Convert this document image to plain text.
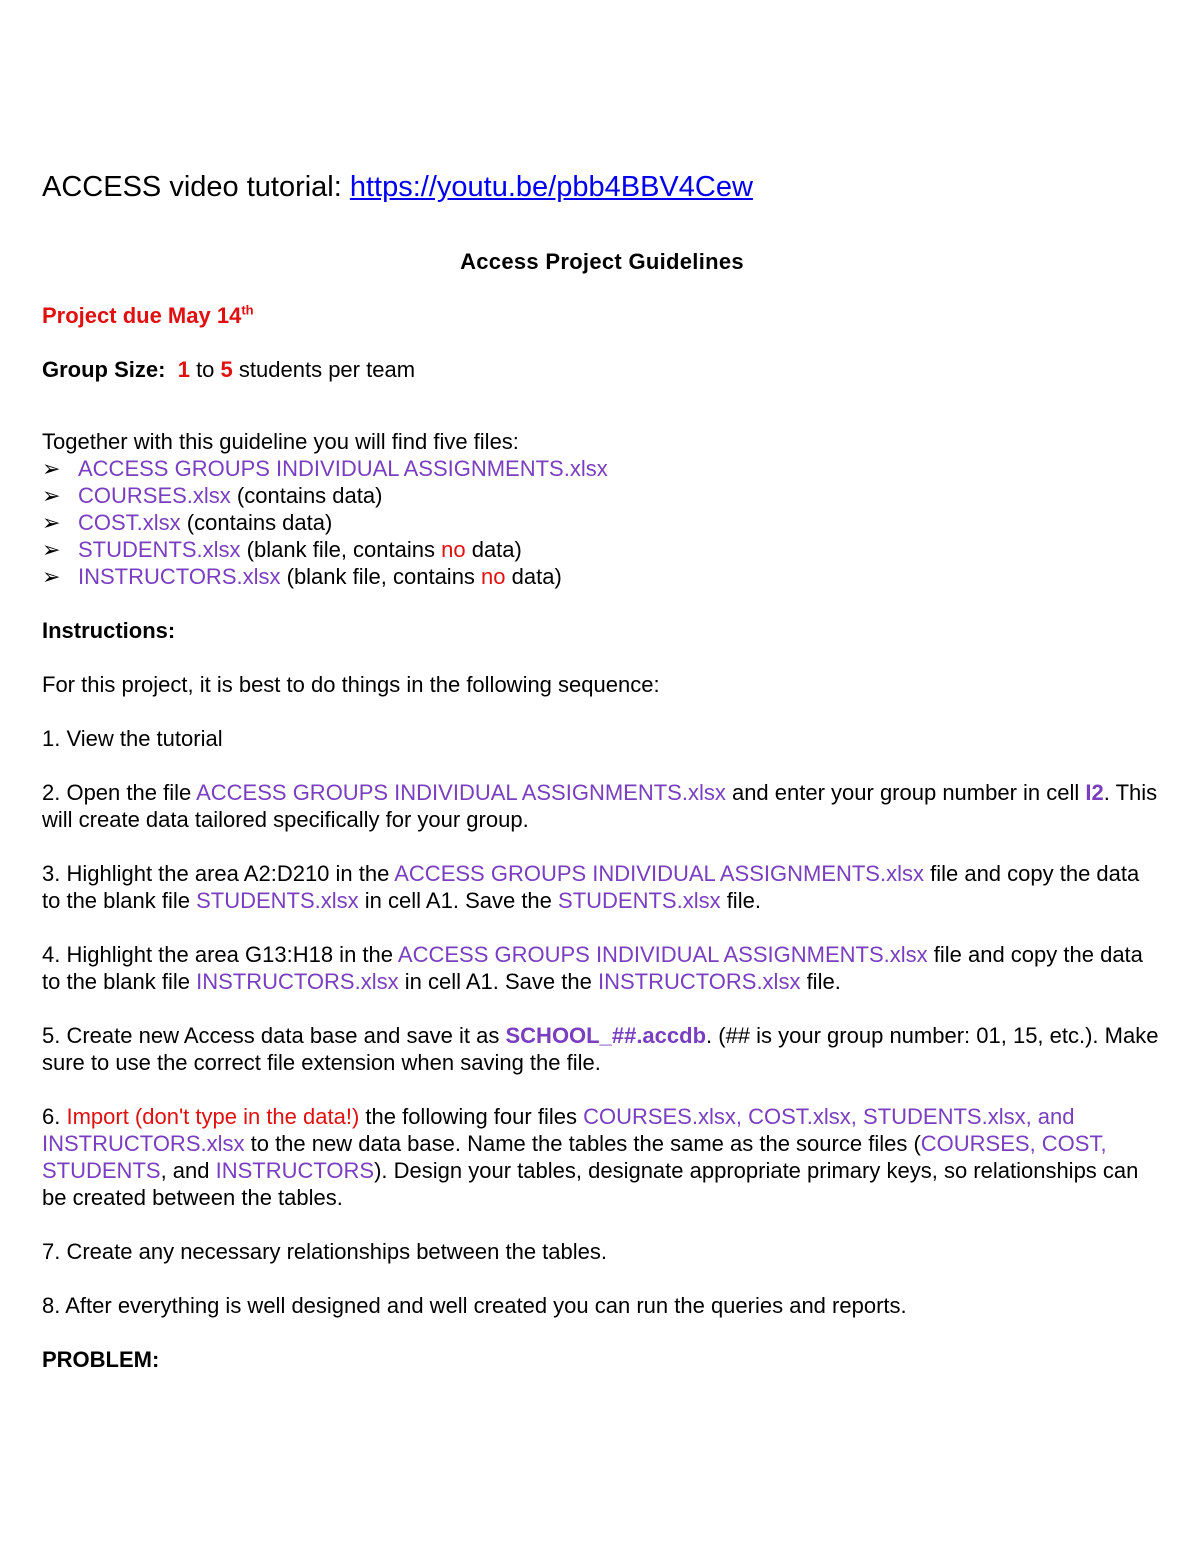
ACCESS video tutorial: https://youtu.be/pbb4BBV4Cew
Access Project Guidelines
Project due May 14th
Group Size: 1 to 5 students per team
Together with this guideline you will find five files:
➢ ACCESS GROUPS INDIVIDUAL ASSIGNMENTS.xlsx
➢ COURSES.xlsx (contains data)
➢ COST.xlsx (contains data)
➢ STUDENTS.xlsx (blank file, contains no data)
➢ INSTRUCTORS.xlsx (blank file, contains no data)
Instructions:
For this project, it is best to do things in the following sequence:
1. View the tutorial
2. Open the file ACCESS GROUPS INDIVIDUAL ASSIGNMENTS.xlsx and enter your group number in cell I2. This will create data tailored specifically for your group.
3. Highlight the area A2:D210 in the ACCESS GROUPS INDIVIDUAL ASSIGNMENTS.xlsx file and copy the data to the blank file STUDENTS.xlsx in cell A1. Save the STUDENTS.xlsx file.
4. Highlight the area G13:H18 in the ACCESS GROUPS INDIVIDUAL ASSIGNMENTS.xlsx file and copy the data to the blank file INSTRUCTORS.xlsx in cell A1. Save the INSTRUCTORS.xlsx file.
5. Create new Access data base and save it as SCHOOL_##.accdb. (## is your group number: 01, 15, etc.). Make sure to use the correct file extension when saving the file.
6. Import (don't type in the data!) the following four files COURSES.xlsx, COST.xlsx, STUDENTS.xlsx, and INSTRUCTORS.xlsx to the new data base. Name the tables the same as the source files (COURSES, COST, STUDENTS, and INSTRUCTORS). Design your tables, designate appropriate primary keys, so relationships can be created between the tables.
7. Create any necessary relationships between the tables.
8. After everything is well designed and well created you can run the queries and reports.
PROBLEM:
